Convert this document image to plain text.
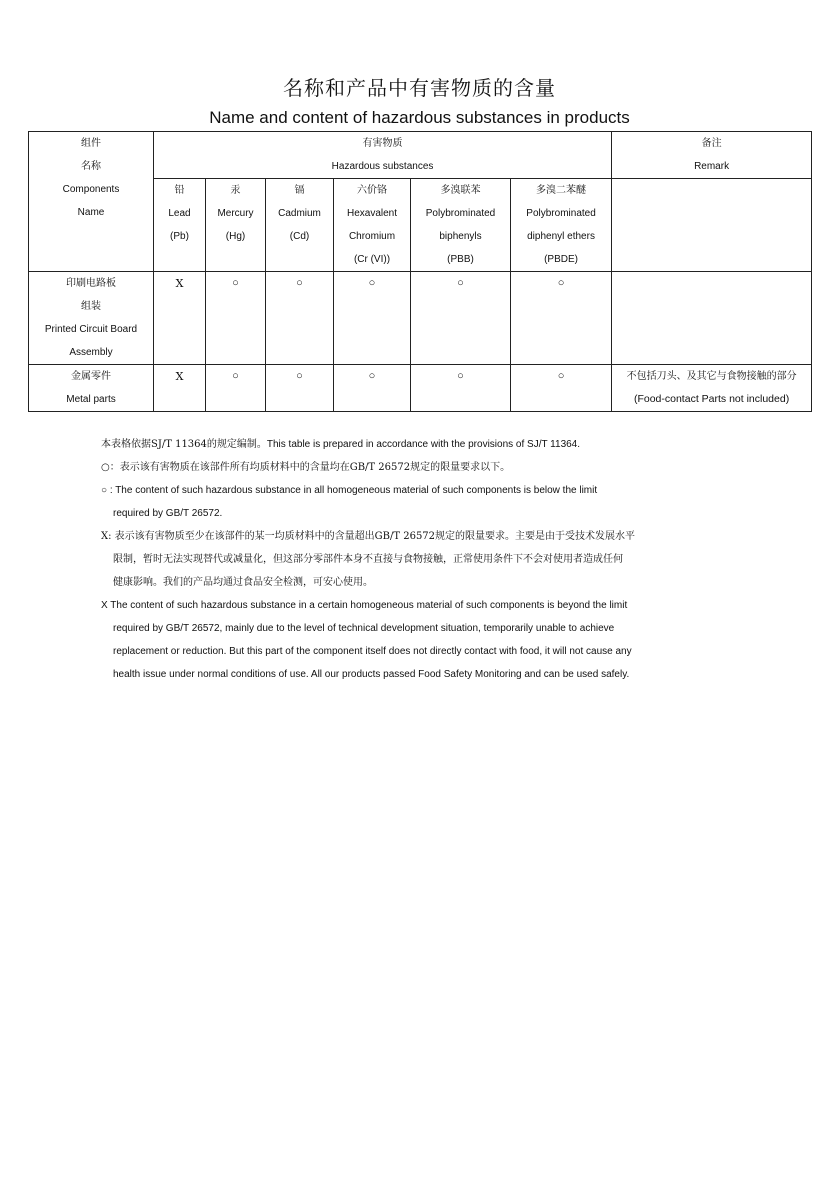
名称和产品中有害物质的含量
Name and content of hazardous substances in products
组件
名称
Components
Name	有害物质
Hazardous substances						备注
Remark

	铅
Lead
(Pb)	汞
Mercury
(Hg)	镉
Cadmium
(Cd)	六价铬
Hexavalent
Chromium
(Cr (VI))	多溴联苯
Polybrominated
biphenyls
(PBB)	多溴二苯醚
Polybrominated
diphenyl ethers
(PBDE)	

印刷电路板
组装
Printed Circuit Board
Assembly	X	○	○	○	○	○	

金属零件
Metal parts	X	○	○	○	○	○	不包括刀头、及其它与食物接触的部分
(Food-contact Parts not included)

本表格依据SJ/T 11364的规定编制。This table is prepared in accordance with the provisions of SJ/T 11364.

○：表示该有害物质在该部件所有均质材料中的含量均在GB/T 26572规定的限量要求以下。

○ : The content of such hazardous substance in all homogeneous material of such components is below the limit

required by GB/T 26572.

X: 表示该有害物质至少在该部件的某一均质材料中的含量超出GB/T 26572规定的限量要求。主要是由于受技术发展水平

限制，暂时无法实现替代或减量化，但这部分零部件本身不直接与食物接触，正常使用条件下不会对使用者造成任何

健康影响。我们的产品均通过食品安全检测，可安心使用。

X The content of such hazardous substance in a certain homogeneous material of such components is beyond the limit

required by GB/T 26572, mainly due to the level of technical development situation, temporarily unable to achieve

replacement or reduction. But this part of the component itself does not directly contact with food, it will not cause any

health issue under normal conditions of use. All our products passed Food Safety Monitoring and can be used safely.
